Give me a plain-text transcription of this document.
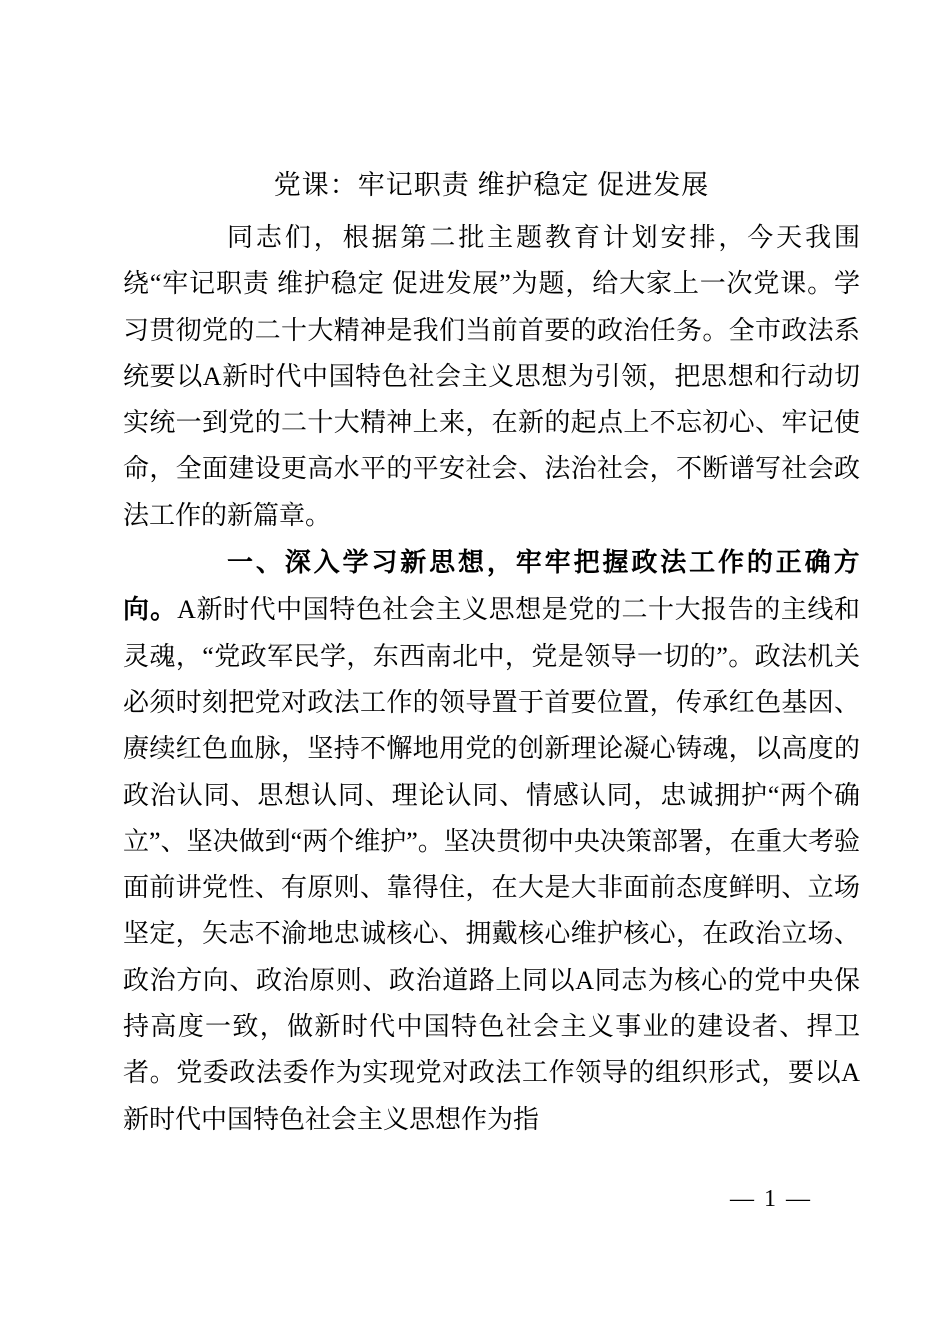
党课：牢记职责 维护稳定 促进发展

同志们，根据第二批主题教育计划安排，今天我围绕“牢记职责 维护稳定 促进发展”为题，给大家上一次党课。学习贯彻党的二十大精神是我们当前首要的政治任务。全市政法系统要以A新时代中国特色社会主义思想为引领，把思想和行动切实统一到党的二十大精神上来，在新的起点上不忘初心、牢记使命，全面建设更高水平的平安社会、法治社会，不断谱写社会政法工作的新篇章。

一、深入学习新思想，牢牢把握政法工作的正确方向。A新时代中国特色社会主义思想是党的二十大报告的主线和灵魂，“党政军民学，东西南北中，党是领导一切的”。政法机关必须时刻把党对政法工作的领导置于首要位置，传承红色基因、赓续红色血脉，坚持不懈地用党的创新理论凝心铸魂，以高度的政治认同、思想认同、理论认同、情感认同，忠诚拥护“两个确立”、坚决做到“两个维护”。坚决贯彻中央决策部署，在重大考验面前讲党性、有原则、靠得住，在大是大非面前态度鲜明、立场坚定，矢志不渝地忠诚核心、拥戴核心维护核心，在政治立场、政治方向、政治原则、政治道路上同以A同志为核心的党中央保持高度一致，做新时代中国特色社会主义事业的建设者、捍卫者。党委政法委作为实现党对政法工作领导的组织形式，要以A新时代中国特色社会主义思想作为指

— 1 —
